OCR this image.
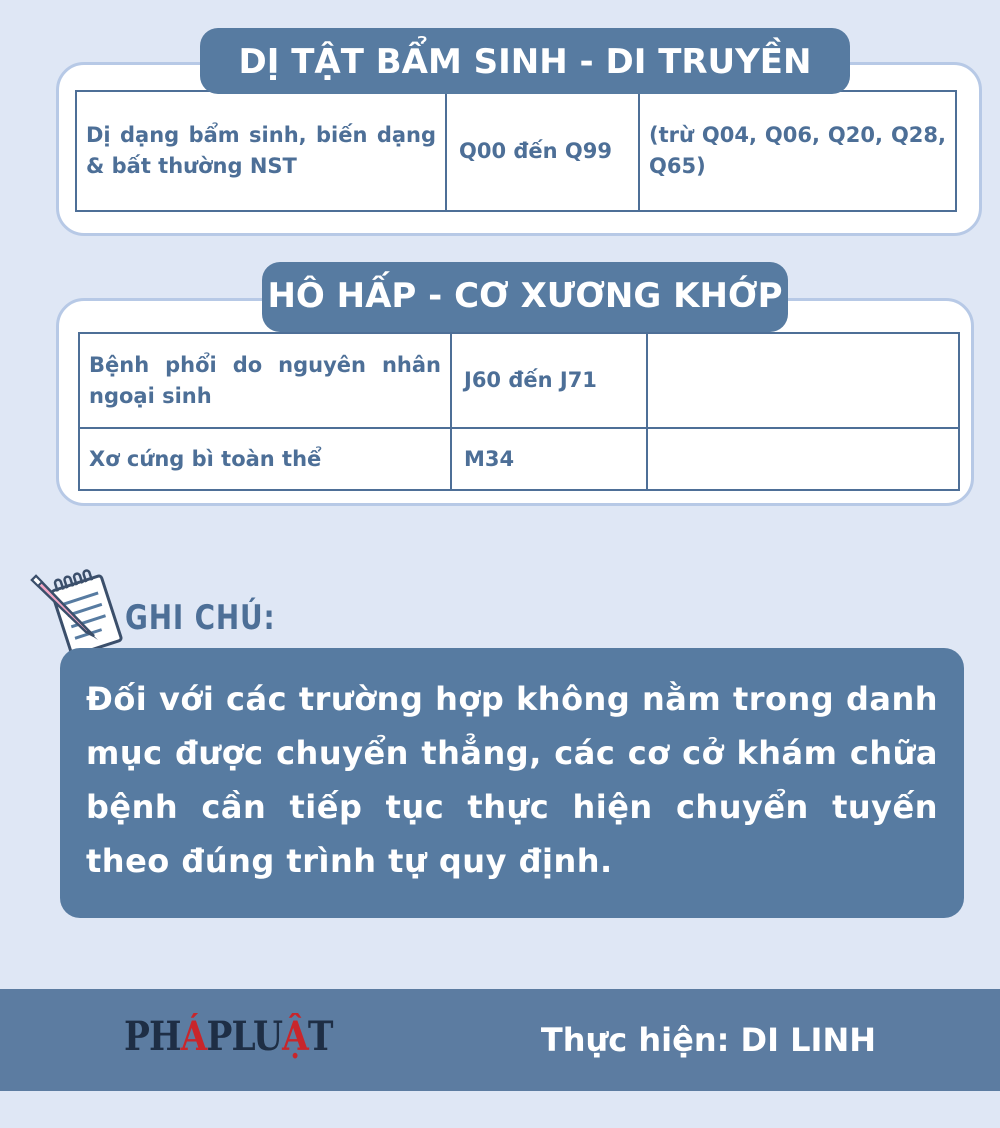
Dị dạng bẩm sinh, biến dạng & bất thường NST	Q00 đến Q99	(trừ Q04, Q06, Q20, Q28, Q65)
DỊ TẬT BẨM SINH - DI TRUYỀN
Bệnh phổi do nguyên nhân ngoại sinh	J60 đến J71	
Xơ cứng bì toàn thể	M34	
HÔ HẤP - CƠ XƯƠNG KHỚP
GHI CHÚ:

Đối với các trường hợp không nằm trong danh mục được chuyển thẳng, các cơ cở khám chữa bệnh cần tiếp tục thực hiện chuyển tuyến theo đúng trình tự quy định.

PHÁPLUẬT	Thực hiện: DI LINH
